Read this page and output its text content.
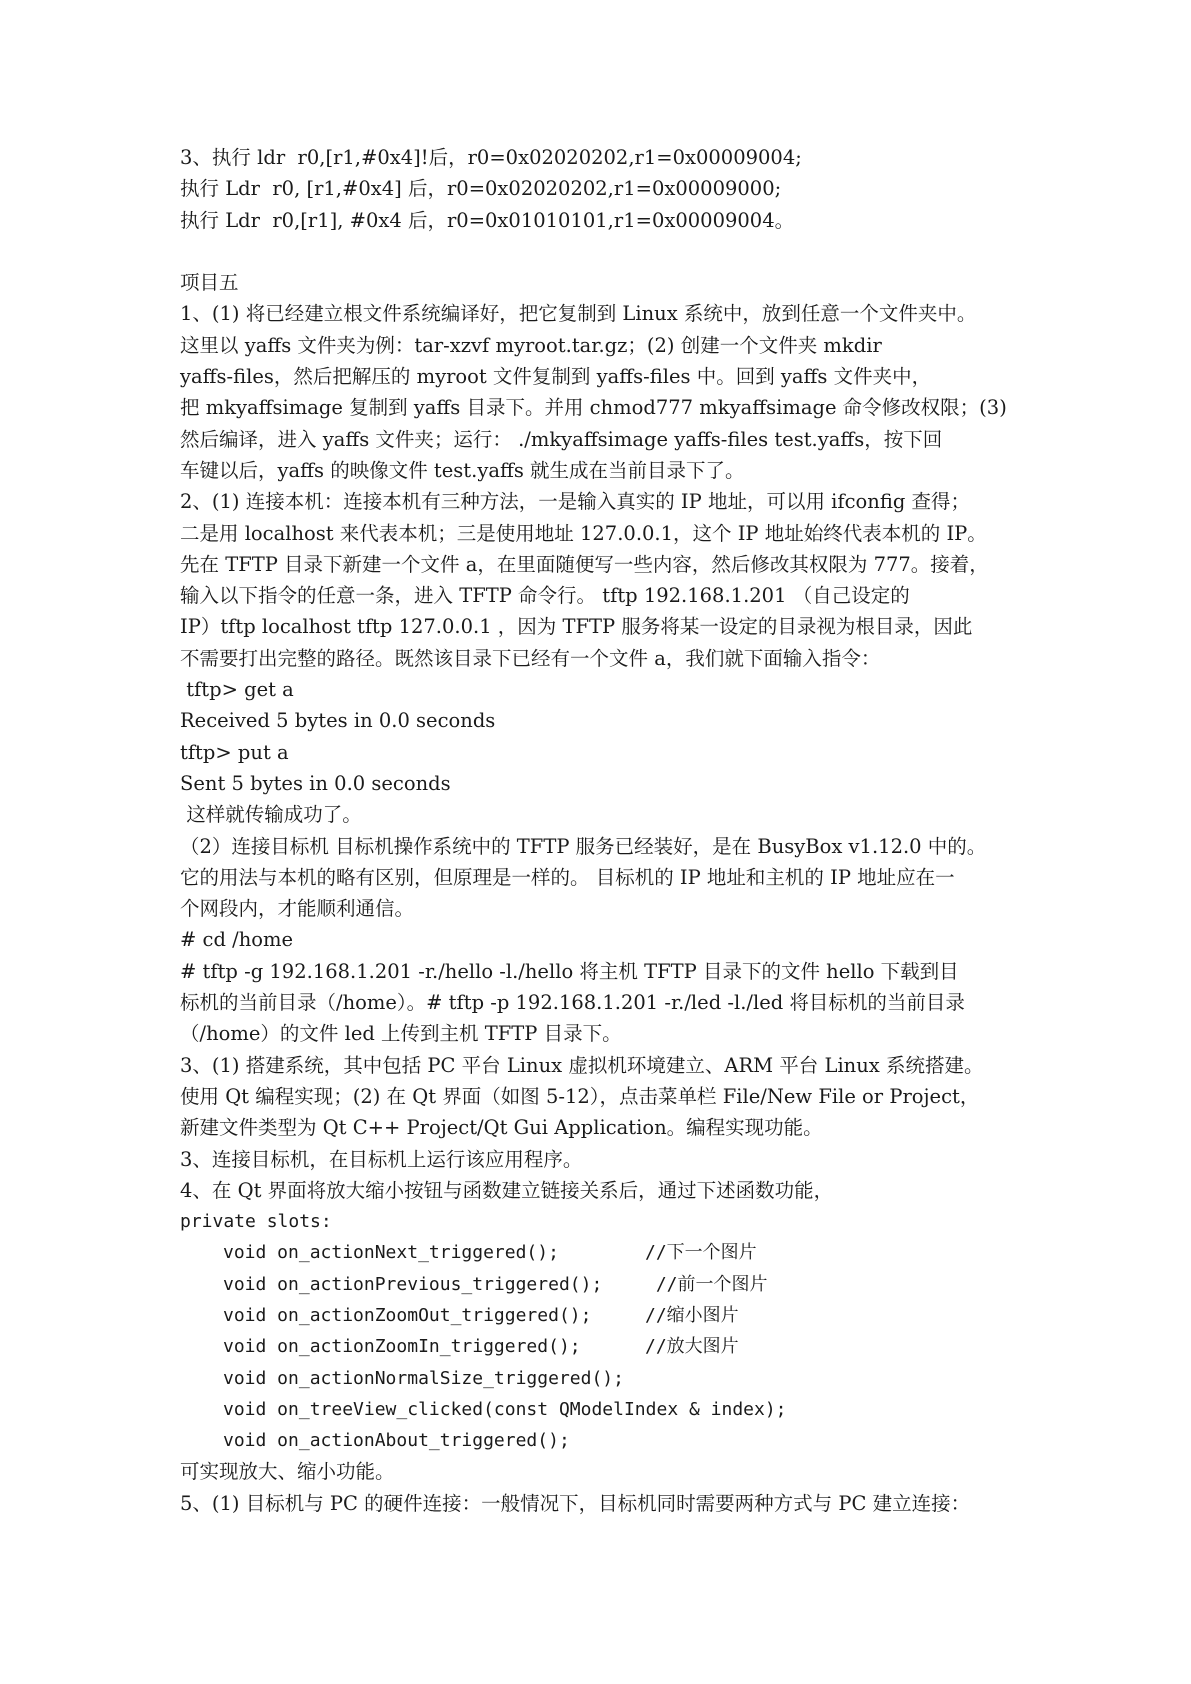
3、执行 ldr  r0,[r1,#0x4]!后，r0=0x02020202,r1=0x00009004;
执行 Ldr  r0, [r1,#0x4] 后，r0=0x02020202,r1=0x00009000;
执行 Ldr  r0,[r1], #0x4 后，r0=0x01010101,r1=0x00009004。
项目五
1、(1) 将已经建立根文件系统编译好，把它复制到 Linux 系统中，放到任意一个文件夹中。
这里以 yaffs 文件夹为例：tar-xzvf myroot.tar.gz；(2) 创建一个文件夹 mkdir
yaffs-files，然后把解压的 myroot 文件复制到 yaffs-files 中。回到 yaffs 文件夹中，
把 mkyaffsimage 复制到 yaffs 目录下。并用 chmod777 mkyaffsimage 命令修改权限；(3)
然后编译，进入 yaffs 文件夹；运行： ./mkyaffsimage yaffs-files test.yaffs，按下回
车键以后，yaffs 的映像文件 test.yaffs 就生成在当前目录下了。
2、(1) 连接本机：连接本机有三种方法，一是输入真实的 IP 地址，可以用 ifconfig 查得；
二是用 localhost 来代表本机；三是使用地址 127.0.0.1，这个 IP 地址始终代表本机的 IP。
先在 TFTP 目录下新建一个文件 a，在里面随便写一些内容，然后修改其权限为 777。接着，
输入以下指令的任意一条，进入 TFTP 命令行。 tftp 192.168.1.201 （自己设定的
IP）tftp localhost tftp 127.0.0.1 ，因为 TFTP 服务将某一设定的目录视为根目录，因此
不需要打出完整的路径。既然该目录下已经有一个文件 a，我们就下面输入指令：
tftp> get a
Received 5 bytes in 0.0 seconds
tftp> put a
Sent 5 bytes in 0.0 seconds
这样就传输成功了。
（2）连接目标机 目标机操作系统中的 TFTP 服务已经装好，是在 BusyBox v1.12.0 中的。
它的用法与本机的略有区别，但原理是一样的。 目标机的 IP 地址和主机的 IP 地址应在一
个网段内，才能顺利通信。
# cd /home
# tftp -g 192.168.1.201 -r./hello -l./hello 将主机 TFTP 目录下的文件 hello 下载到目
标机的当前目录（/home）。# tftp -p 192.168.1.201 -r./led -l./led 将目标机的当前目录
（/home）的文件 led 上传到主机 TFTP 目录下。
3、(1) 搭建系统，其中包括 PC 平台 Linux 虚拟机环境建立、ARM 平台 Linux 系统搭建。
使用 Qt 编程实现；(2) 在 Qt 界面（如图 5-12），点击菜单栏 File/New File or Project，
新建文件类型为 Qt C++ Project/Qt Gui Application。编程实现功能。
3、连接目标机，在目标机上运行该应用程序。
4、在 Qt 界面将放大缩小按钮与函数建立链接关系后，通过下述函数功能，
private slots:

void on_actionNext_triggered();

	//下一个图片

void on_actionPrevious_triggered();

//前一个图片

void on_actionZoomOut_triggered();

	//缩小图片

void on_actionZoomIn_triggered();

	//放大图片

void on_actionNormalSize_triggered();

void on_treeView_clicked(const QModelIndex & index);

void on_actionAbout_triggered();

可实现放大、缩小功能。
5、(1) 目标机与 PC 的硬件连接：一般情况下，目标机同时需要两种方式与 PC 建立连接：
